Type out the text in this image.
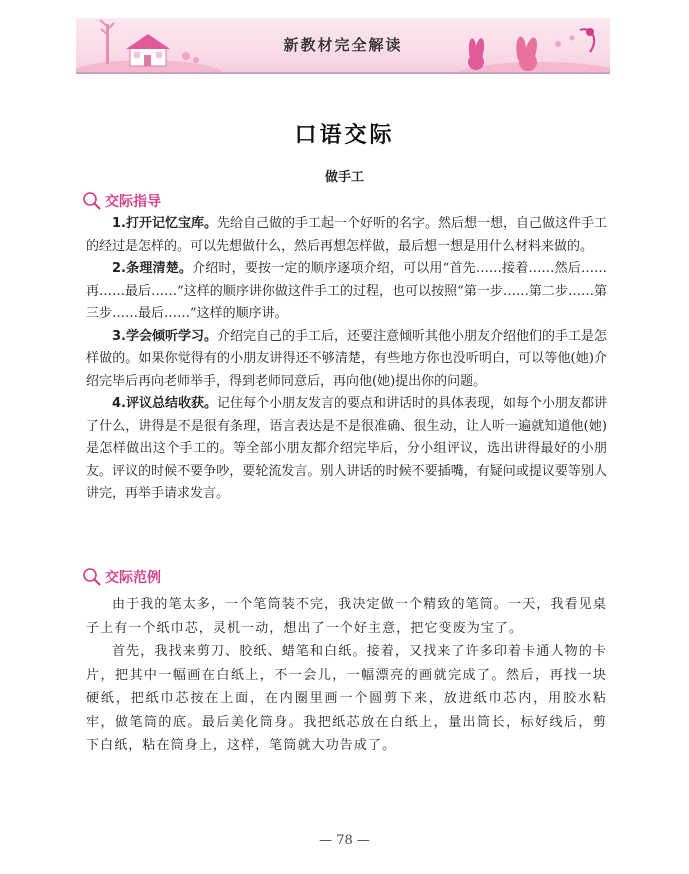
新教材完全解读
口语交际
做手工
交际指导

1.打开记忆宝库。先给自己做的手工起一个好听的名字。然后想一想，自己做这件手工的经过是怎样的。可以先想做什么，然后再想怎样做，最后想一想是用什么材料来做的。

2.条理清楚。介绍时，要按一定的顺序逐项介绍，可以用“首先……接着……然后……再……最后……”这样的顺序讲你做这件手工的过程，也可以按照“第一步……第二步……第三步……最后……”这样的顺序讲。

3.学会倾听学习。介绍完自己的手工后，还要注意倾听其他小朋友介绍他们的手工是怎样做的。如果你觉得有的小朋友讲得还不够清楚，有些地方你也没听明白，可以等他(她)介绍完毕后再向老师举手，得到老师同意后，再向他(她)提出你的问题。

4.评议总结收获。记住每个小朋友发言的要点和讲话时的具体表现，如每个小朋友都讲了什么，讲得是不是很有条理，语言表达是不是很准确、很生动，让人听一遍就知道他(她)是怎样做出这个手工的。等全部小朋友都介绍完毕后，分小组评议，选出讲得最好的小朋友。评议的时候不要争吵，要轮流发言。别人讲话的时候不要插嘴，有疑问或提议要等别人讲完，再举手请求发言。

交际范例

由于我的笔太多，一个笔筒装不完，我决定做一个精致的笔筒。一天，我看见桌子上有一个纸巾芯，灵机一动，想出了一个好主意，把它变废为宝了。

首先，我找来剪刀、胶纸、蜡笔和白纸。接着，又找来了许多印着卡通人物的卡片，把其中一幅画在白纸上，不一会儿，一幅漂亮的画就完成了。然后，再找一块硬纸，把纸巾芯按在上面，在内圈里画一个圆剪下来，放进纸巾芯内，用胶水粘牢，做笔筒的底。最后美化筒身。我把纸芯放在白纸上，量出筒长，标好线后，剪下白纸，粘在筒身上，这样，笔筒就大功告成了。

— 78 —
